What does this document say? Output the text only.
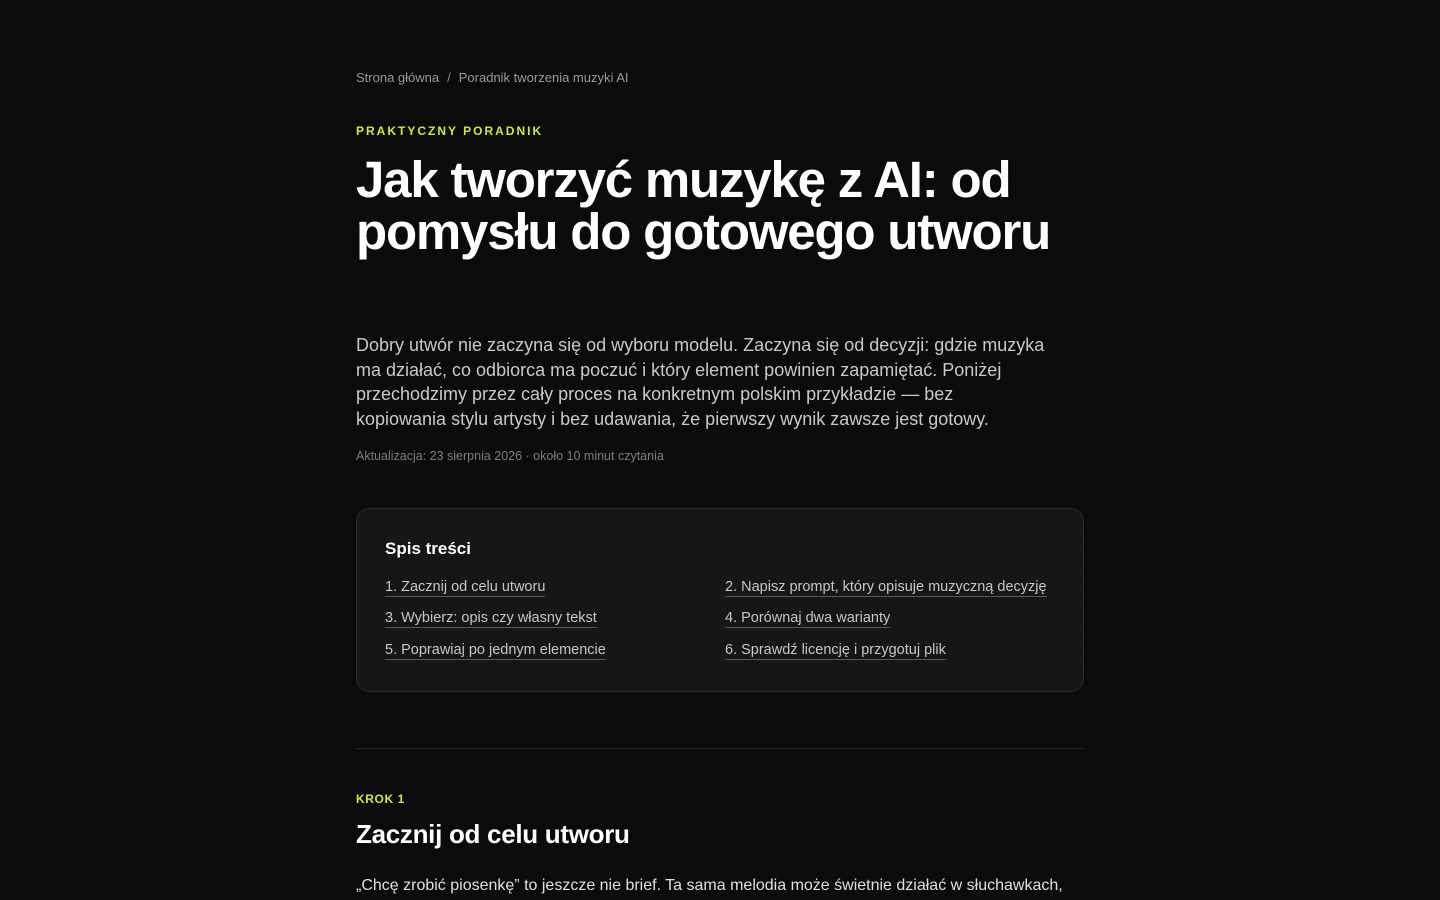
Strona główna / Poradnik tworzenia muzyki AI
PRAKTYCZNY PORADNIK
Jak tworzyć muzykę z AI: od pomysłu do gotowego utworu

Dobry utwór nie zaczyna się od wyboru modelu. Zaczyna się od decyzji: gdzie muzyka ma działać, co odbiorca ma poczuć i który element powinien zapamiętać. Poniżej przechodzimy przez cały proces na konkretnym polskim przykładzie — bez kopiowania stylu artysty i bez udawania, że pierwszy wynik zawsze jest gotowy.

Aktualizacja: 23 sierpnia 2026 · około 10 minut czytania
Spis treści
1. Zacznij od celu utworu	2. Napisz prompt, który opisuje muzyczną decyzję
3. Wybierz: opis czy własny tekst	4. Porównaj dwa warianty
5. Poprawiaj po jednym elemencie	6. Sprawdź licencję i przygotuj plik
KROK 1
Zacznij od celu utworu

„Chcę zrobić piosenkę” to jeszcze nie brief. Ta sama melodia może świetnie działać w słuchawkach,
